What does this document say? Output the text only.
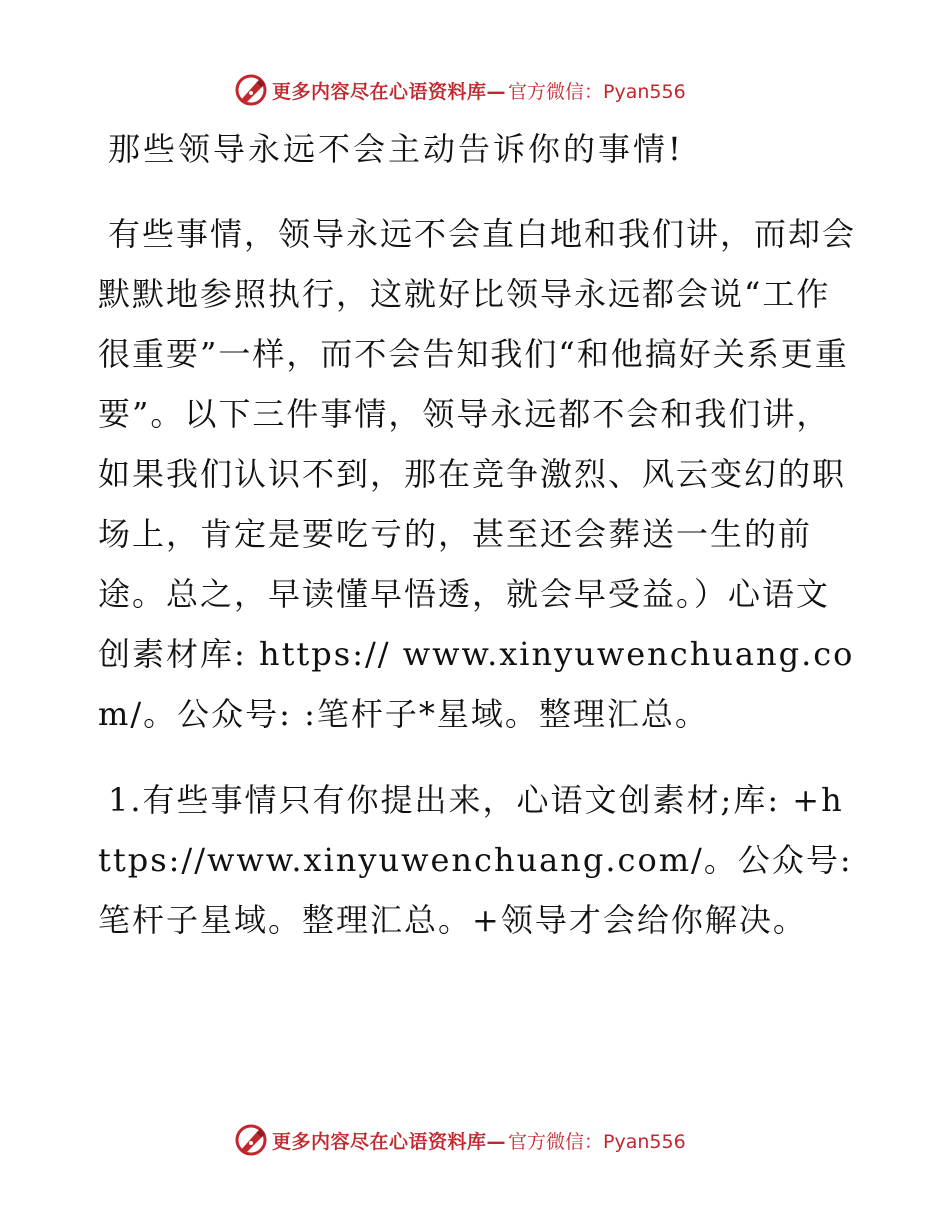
更多内容尽在心语资料库— 官方微信：Pyan556
那些领导永远不会主动告诉你的事情!

有些事情，领导永远不会直白地和我们讲，而却会默默地参照执行，这就好比领导永远都会说“工作很重要”一样，而不会告知我们“和他搞好关系更重要”。以下三件事情，领导永远都不会和我们讲，如果我们认识不到，那在竞争激烈、风云变幻的职场上，肯定是要吃亏的，甚至还会葬送一生的前途。总之，早读懂早悟透，就会早受益。）心语文创素材库: https:// www.xinyuwenchuang.com/。公众号: :笔杆子*星域。整理汇总。

1.有些事情只有你提出来，心语文创素材;库: +https://www.xinyuwenchuang.com/。公众号: 笔杆子星域。整理汇总。+领导才会给你解决。

更多内容尽在心语资料库— 官方微信：Pyan556
